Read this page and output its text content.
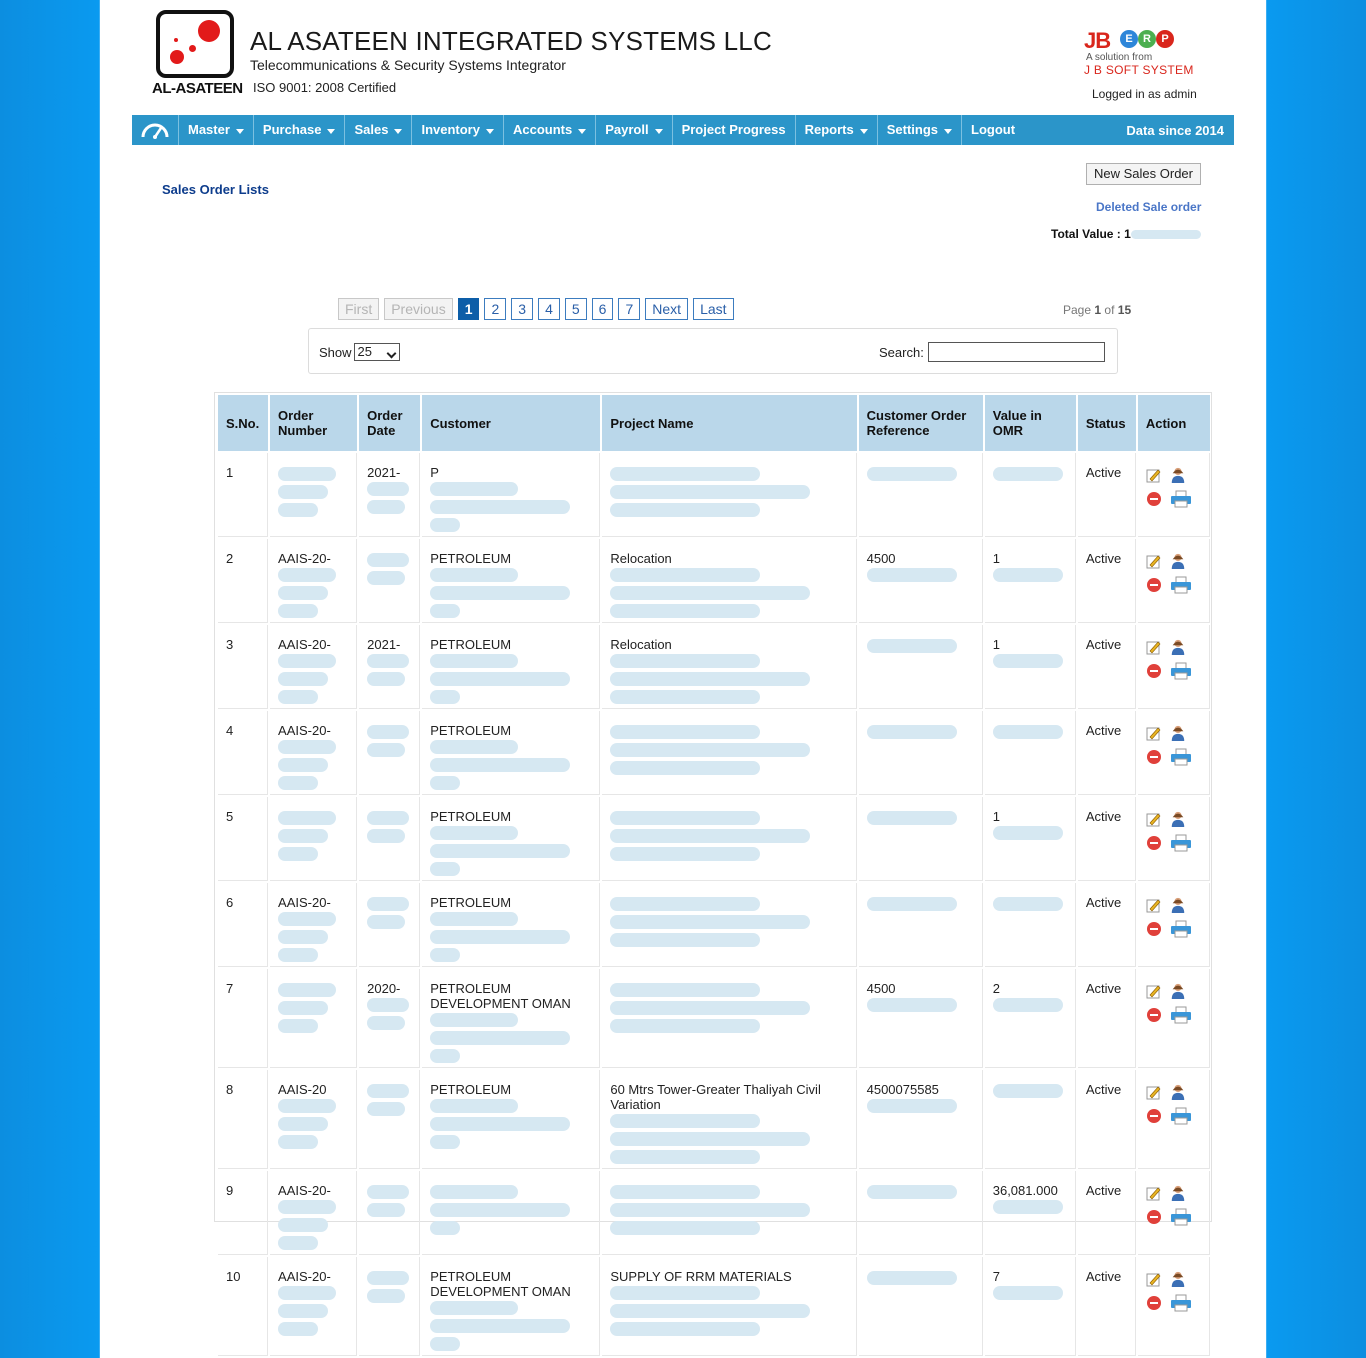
AL-ASATEEN
AL ASATEEN INTEGRATED SYSTEMS LLC
Telecommunications & Security Systems Integrator
ISO 9001: 2008 Certified
JB	E R P
A solution from
J B SOFT SYSTEM
Logged in as admin
Master	Purchase	Sales	Inventory	Accounts	Payroll	Project Progress Reports	Settings	Logout	Data since 2014
Sales Order Lists
New Sales Order
Deleted Sale order
Total Value : 1
First	Previous	1	2	3	4	5	6	7	Next	Last	Page 1 of 15
Show 25	Search:
S.No.	Order Number	Order Date	Customer	Project Name	Customer Order Reference	Value in OMR	Status	Action
1		2021-	P				Active	

2	AAIS-20-		PETROLEUM	Relocation	4500	1	Active	

3	AAIS-20-	2021-	PETROLEUM	Relocation		1	Active	

4	AAIS-20-		PETROLEUM				Active	

5			PETROLEUM			1	Active	

6	AAIS-20-		PETROLEUM				Active	

7		2020-	PETROLEUM DEVELOPMENT OMAN		4500	2	Active	

8	AAIS-20		PETROLEUM	60 Mtrs Tower-Greater Thaliyah Civil Variation	4500075585		Active	

9	AAIS-20-					36,081.000	Active	

10	AAIS-20-		PETROLEUM DEVELOPMENT OMAN	SUPPLY OF RRM MATERIALS		7	Active	
